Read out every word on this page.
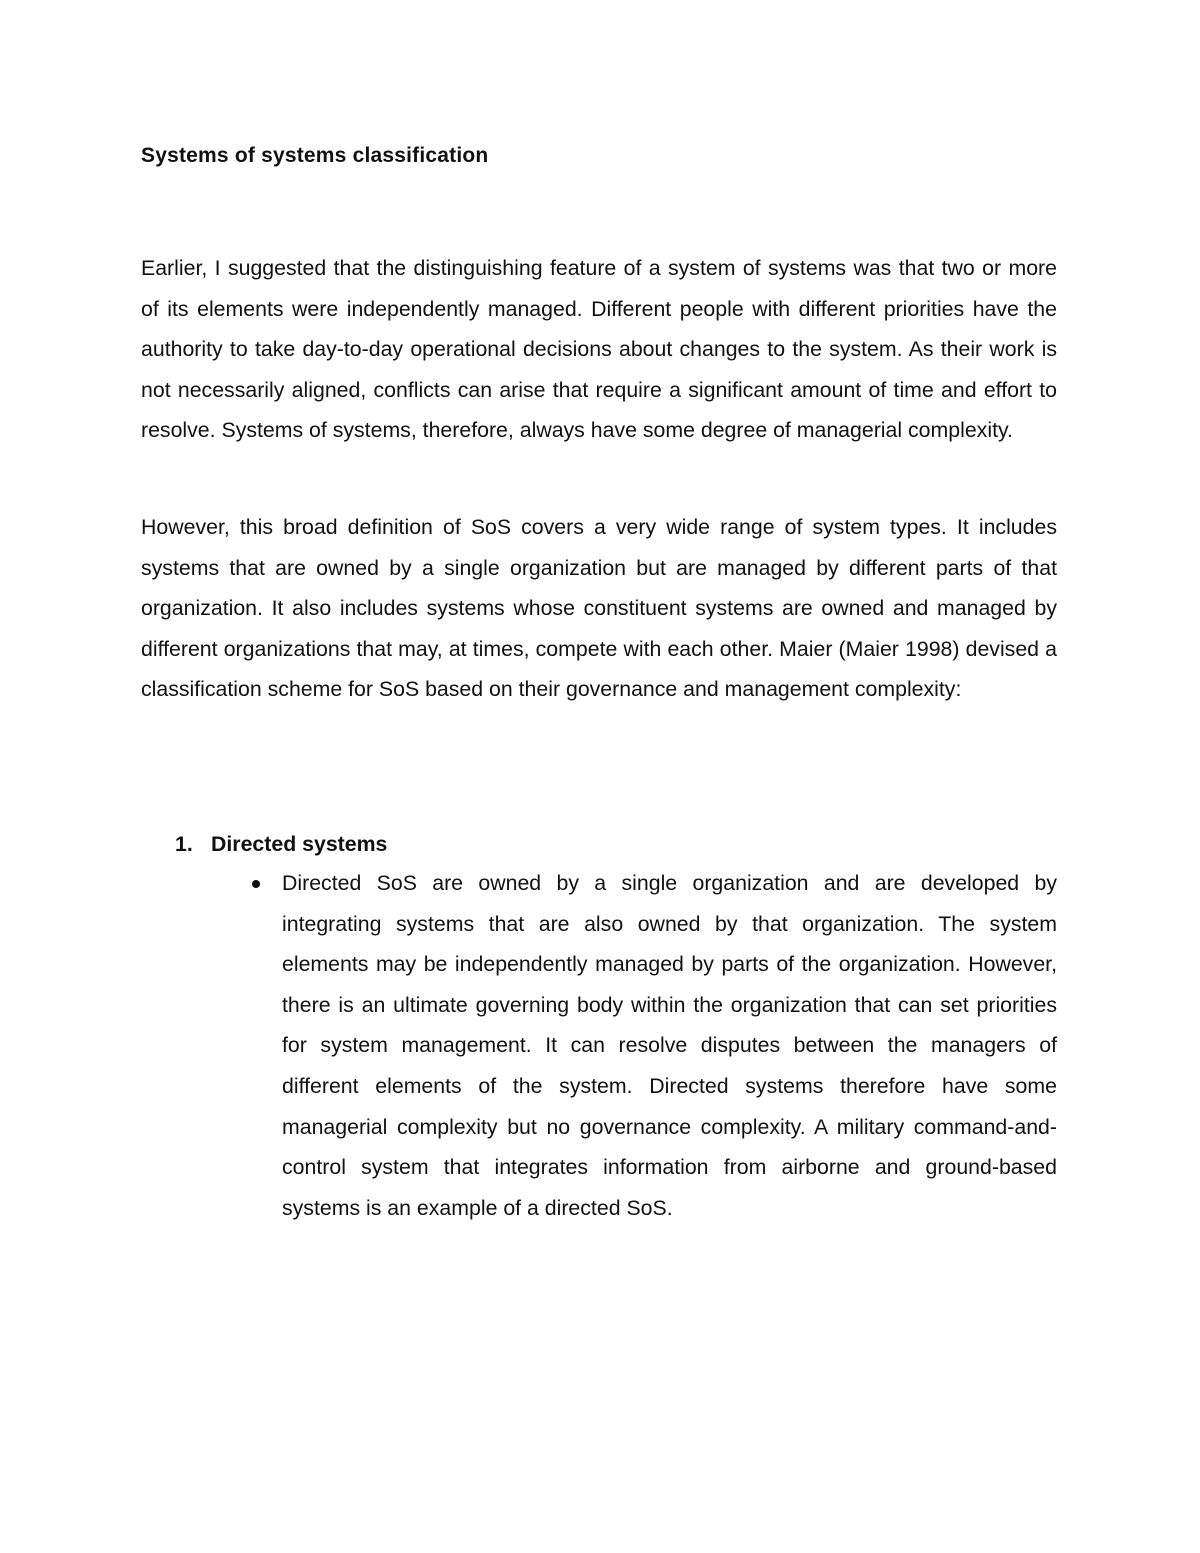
Systems of systems classification

Earlier, I suggested that the distinguishing feature of a system of systems was that two or more of its elements were independently managed. Different people with different priorities have the authority to take day-to-day operational decisions about changes to the system. As their work is not necessarily aligned, conflicts can arise that require a significant amount of time and effort to resolve. Systems of systems, therefore, always have some degree of managerial complexity.

However, this broad definition of SoS covers a very wide range of system types. It includes systems that are owned by a single organization but are managed by different parts of that organization. It also includes systems whose constituent systems are owned and managed by different organizations that may, at times, compete with each other. Maier (Maier 1998) devised a classification scheme for SoS based on their governance and management complexity:

1. Directed systems

Directed SoS are owned by a single organization and are developed by integrating systems that are also owned by that organization. The system elements may be independently managed by parts of the organization. However, there is an ultimate governing body within the organization that can set priorities for system management. It can resolve disputes between the managers of different elements of the system. Directed systems therefore have some managerial complexity but no governance complexity. A military command-and-control system that integrates information from airborne and ground-based systems is an example of a directed SoS.
